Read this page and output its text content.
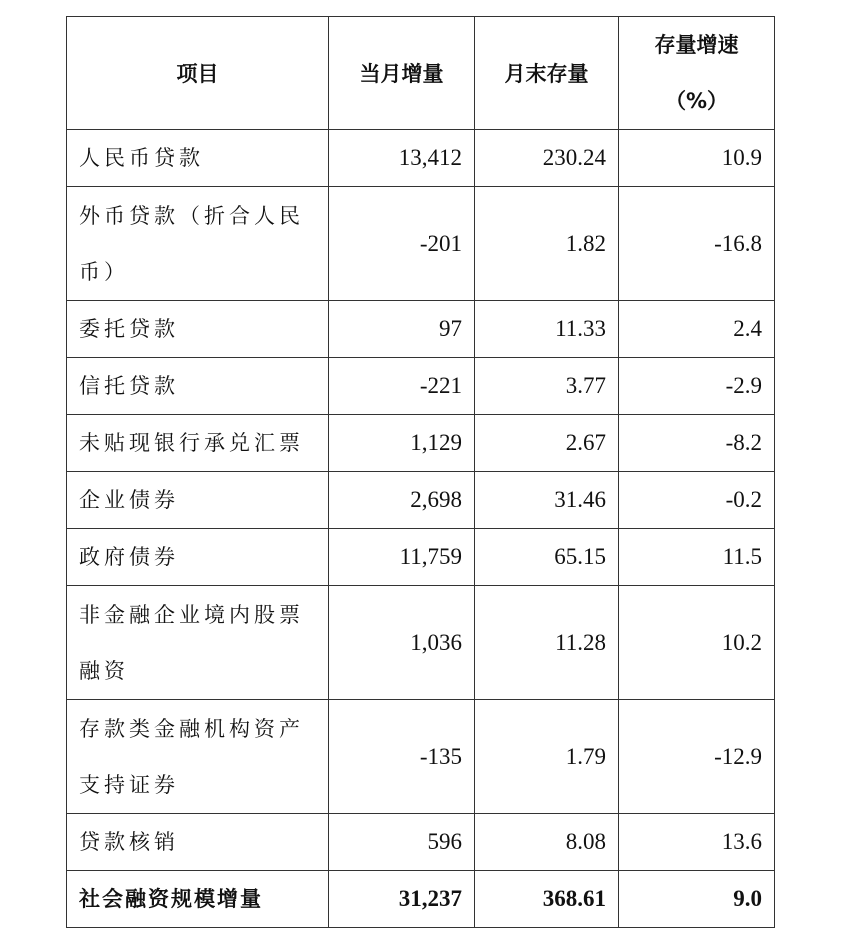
项目	当月增量	月末存量	存量增速
（%）

人民币贷款	13,412	230.24	10.9
外币贷款（折合人民币）	-201	1.82	-16.8
委托贷款	97	11.33	2.4
信托贷款	-221	3.77	-2.9
未贴现银行承兑汇票	1,129	2.67	-8.2
企业债券	2,698	31.46	-0.2
政府债券	11,759	65.15	11.5
非金融企业境内股票融资	1,036	11.28	10.2
存款类金融机构资产支持证券	-135	1.79	-12.9
贷款核销	596	8.08	13.6
社会融资规模增量	31,237	368.61	9.0
